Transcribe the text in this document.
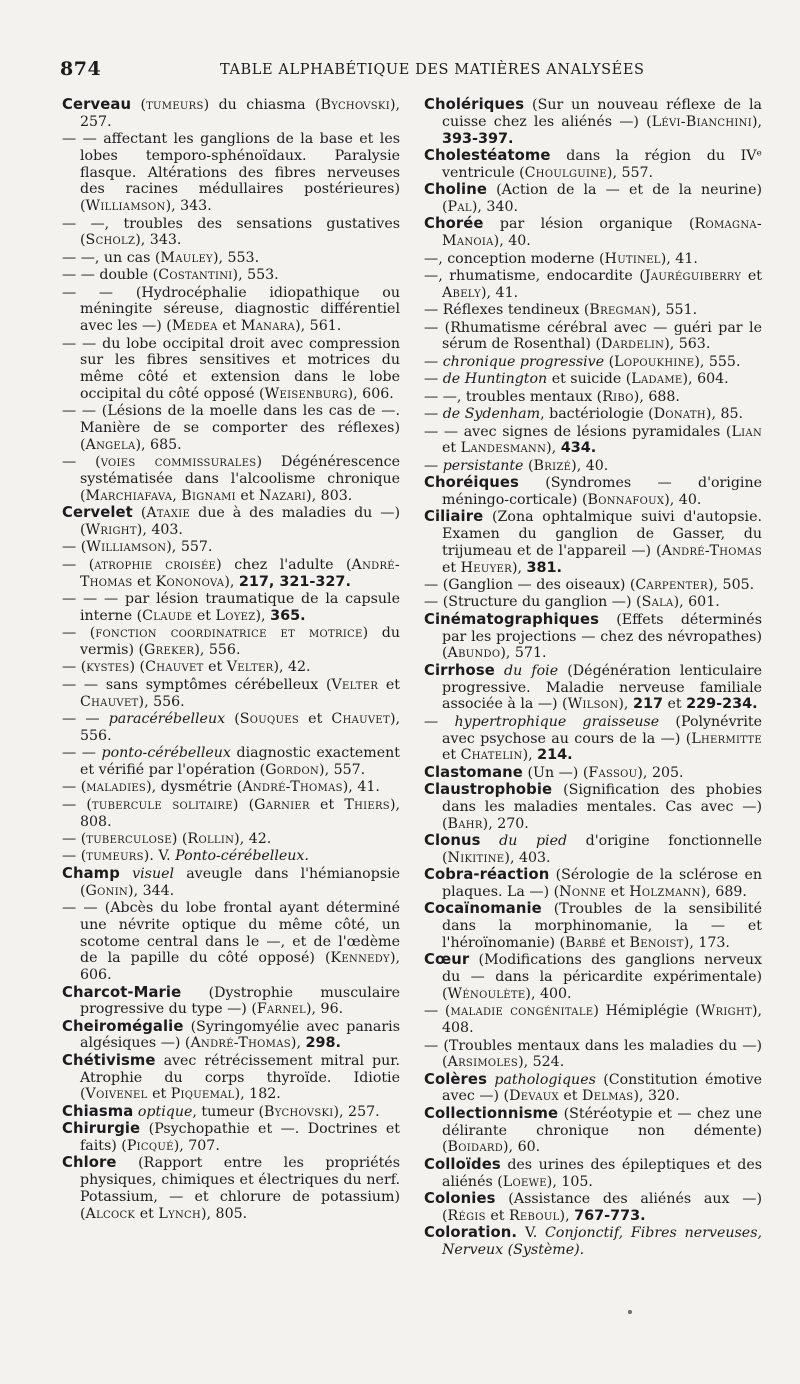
874	TABLE ALPHABÉTIQUE DES MATIÈRES ANALYSÉES

Cerveau (tumeurs) du chiasma (Bychovski), 257.

— — affectant les ganglions de la base et les lobes temporo-sphénoïdaux. Paralysie flasque. Altérations des fibres nerveuses des racines médullaires postérieures) (Williamson), 343.

— —, troubles des sensations gustatives (Scholz), 343.

— —, un cas (Mauley), 553.

— — double (Costantini), 553.

— — (Hydrocéphalie idiopathique ou méningite séreuse, diagnostic différentiel avec les —) (Medea et Manara), 561.

— — du lobe occipital droit avec compression sur les fibres sensitives et motrices du même côté et extension dans le lobe occipital du côté opposé (Weisenburg), 606.

— — (Lésions de la moelle dans les cas de —. Manière de se comporter des réflexes) (Angela), 685.

— (voies commissurales) Dégénérescence systématisée dans l'alcoolisme chronique (Marchiafava, Bignami et Nazari), 803.

Cervelet (Ataxie due à des maladies du —) (Wright), 403.

— (Williamson), 557.

— (atrophie croisée) chez l'adulte (André-Thomas et Kononova), 217, 321-327.

— — — par lésion traumatique de la capsule interne (Claude et Loyez), 365.

— (fonction coordinatrice et motrice) du vermis) (Greker), 556.

— (kystes) (Chauvet et Velter), 42.

— — sans symptômes cérébelleux (Velter et Chauvet), 556.

— — paracérébelleux (Souques et Chauvet), 556.

— — ponto-cérébelleux diagnostic exactement et vérifié par l'opération (Gordon), 557.

— (maladies), dysmétrie (André-Thomas), 41.

— (tubercule solitaire) (Garnier et Thiers), 808.

— (tuberculose) (Rollin), 42.

— (tumeurs). V. Ponto-cérébelleux.

Champ visuel aveugle dans l'hémianopsie (Gonin), 344.

— — (Abcès du lobe frontal ayant déterminé une névrite optique du même côté, un scotome central dans le —, et de l'œdème de la papille du côté opposé) (Kennedy), 606.

Charcot-Marie (Dystrophie musculaire progressive du type —) (Farnel), 96.

Cheiromégalie (Syringomyélie avec panaris algésiques —) (André-Thomas), 298.

Chétivisme avec rétrécissement mitral pur. Atrophie du corps thyroïde. Idiotie (Voivenel et Piquemal), 182.

Chiasma optique, tumeur (Bychovski), 257.

Chirurgie (Psychopathie et —. Doctrines et faits) (Picqué), 707.

Chlore (Rapport entre les propriétés physiques, chimiques et électriques du nerf. Potassium, — et chlorure de potassium) (Alcock et Lynch), 805.

Cholériques (Sur un nouveau réflexe de la cuisse chez les aliénés —) (Lévi-Bianchini), 393-397.

Cholestéatome dans la région du IVᵉ ventricule (Choulguine), 557.

Choline (Action de la — et de la neurine) (Pal), 340.

Chorée par lésion organique (Romagna-Manoia), 40.

—, conception moderne (Hutinel), 41.

—, rhumatisme, endocardite (Jauréguiberry et Abely), 41.

— Réflexes tendineux (Bregman), 551.

— (Rhumatisme cérébral avec — guéri par le sérum de Rosenthal) (Dardelin), 563.

— chronique progressive (Lopoukhine), 555.

— de Huntington et suicide (Ladame), 604.

— —, troubles mentaux (Ribo), 688.

— de Sydenham, bactériologie (Donath), 85.

— — avec signes de lésions pyramidales (Lian et Landesmann), 434.

— persistante (Brizé), 40.

Choréiques (Syndromes — d'origine méningo-corticale) (Bonnafoux), 40.

Ciliaire (Zona ophtalmique suivi d'autopsie. Examen du ganglion de Gasser, du trijumeau et de l'appareil —) (André-Thomas et Heuyer), 381.

— (Ganglion — des oiseaux) (Carpenter), 505.

— (Structure du ganglion —) (Sala), 601.

Cinématographiques (Effets déterminés par les projections — chez des névropathes) (Abundo), 571.

Cirrhose du foie (Dégénération lenticulaire progressive. Maladie nerveuse familiale associée à la —) (Wilson), 217 et 229-234.

— hypertrophique graisseuse (Polynévrite avec psychose au cours de la —) (Lhermitte et Chatelin), 214.

Clastomane (Un —) (Fassou), 205.

Claustrophobie (Signification des phobies dans les maladies mentales. Cas avec —) (Bahr), 270.

Clonus du pied d'origine fonctionnelle (Nikitine), 403.

Cobra-réaction (Sérologie de la sclérose en plaques. La —) (Nonne et Holzmann), 689.

Cocaïnomanie (Troubles de la sensibilité dans la morphinomanie, la — et l'héroïnomanie) (Barbé et Benoist), 173.

Cœur (Modifications des ganglions nerveux du — dans la péricardite expérimentale) (Wénoulète), 400.

— (maladie congénitale) Hémiplégie (Wright), 408.

— (Troubles mentaux dans les maladies du —) (Arsimoles), 524.

Colères pathologiques (Constitution émotive avec —) (Devaux et Delmas), 320.

Collectionnisme (Stéréotypie et — chez une délirante chronique non démente) (Boidard), 60.

Colloïdes des urines des épileptiques et des aliénés (Loewe), 105.

Colonies (Assistance des aliénés aux —) (Régis et Reboul), 767-773.

Coloration. V. Conjonctif, Fibres nerveuses, Nerveux (Système).
